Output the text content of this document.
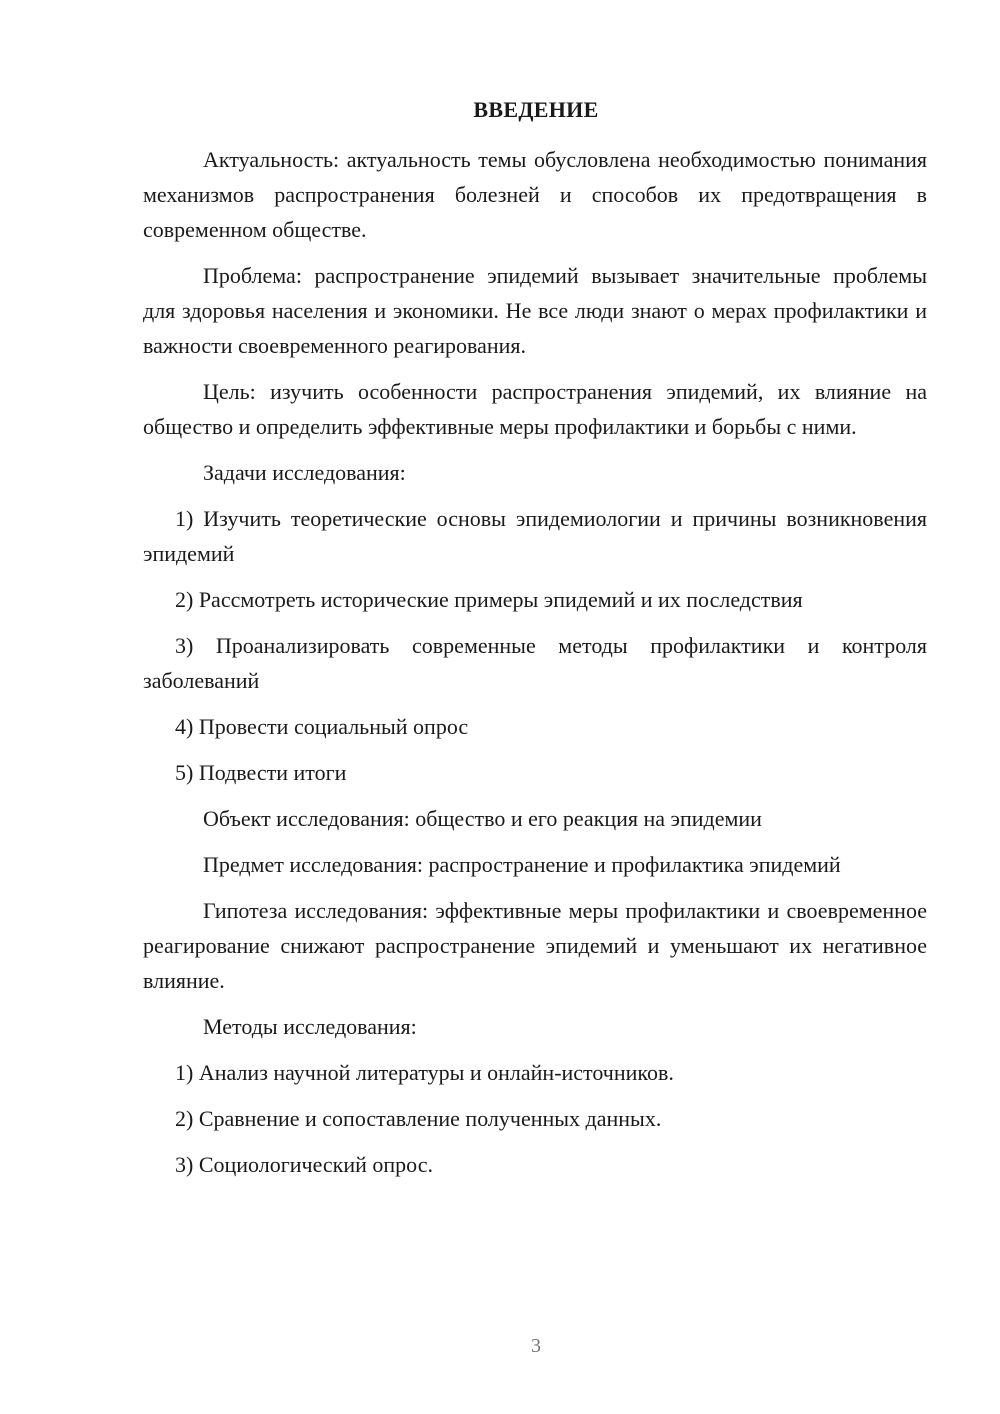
ВВЕДЕНИЕ

Актуальность: актуальность темы обусловлена необходимостью понимания механизмов распространения болезней и способов их предотвращения в современном обществе.

Проблема: распространение эпидемий вызывает значительные проблемы для здоровья населения и экономики. Не все люди знают о мерах профилактики и важности своевременного реагирования.

Цель: изучить особенности распространения эпидемий, их влияние на общество и определить эффективные меры профилактики и борьбы с ними.

Задачи исследования:

1) Изучить теоретические основы эпидемиологии и причины возникновения эпидемий

2) Рассмотреть исторические примеры эпидемий и их последствия

3) Проанализировать современные методы профилактики и контроля заболеваний

4) Провести социальный опрос

5) Подвести итоги

Объект исследования: общество и его реакция на эпидемии

Предмет исследования: распространение и профилактика эпидемий

Гипотеза исследования: эффективные меры профилактики и своевременное реагирование снижают распространение эпидемий и уменьшают их негативное влияние.

Методы исследования:

1) Анализ научной литературы и онлайн-источников.

2) Сравнение и сопоставление полученных данных.

3) Социологический опрос.

3
